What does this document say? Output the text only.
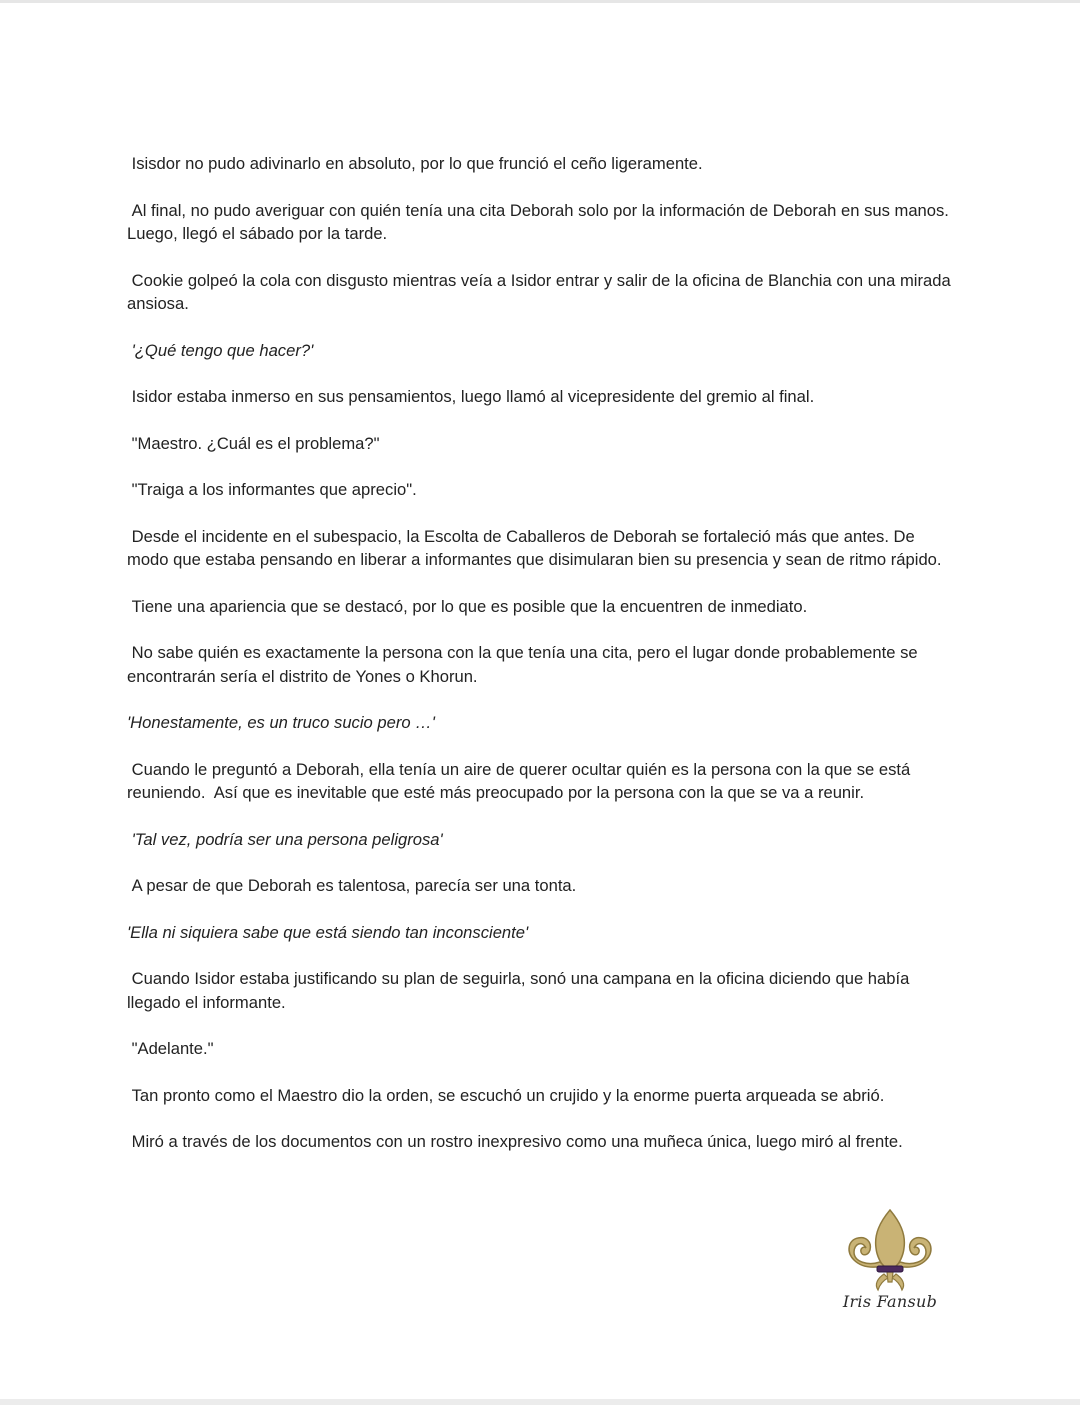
Isisdor no pudo adivinarlo en absoluto, por lo que frunció el ceño ligeramente.

Al final, no pudo averiguar con quién tenía una cita Deborah solo por la información de Deborah en sus manos.  Luego, llegó el sábado por la tarde.

Cookie golpeó la cola con disgusto mientras veía a Isidor entrar y salir de la oficina de Blanchia con una mirada ansiosa.

'¿Qué tengo que hacer?'

Isidor estaba inmerso en sus pensamientos, luego llamó al vicepresidente del gremio al final.

"Maestro. ¿Cuál es el problema?"

"Traiga a los informantes que aprecio".

Desde el incidente en el subespacio, la Escolta de Caballeros de Deborah se fortaleció más que antes. De modo que estaba pensando en liberar a informantes que disimularan bien su presencia y sean de ritmo rápido.

Tiene una apariencia que se destacó, por lo que es posible que la encuentren de inmediato.

No sabe quién es exactamente la persona con la que tenía una cita, pero el lugar donde probablemente se encontrarán sería el distrito de Yones o Khorun.

'Honestamente, es un truco sucio pero …'

Cuando le preguntó a Deborah, ella tenía un aire de querer ocultar quién es la persona con la que se está reuniendo.  Así que es inevitable que esté más preocupado por la persona con la que se va a reunir.

'Tal vez, podría ser una persona peligrosa'

A pesar de que Deborah es talentosa, parecía ser una tonta.

'Ella ni siquiera sabe que está siendo tan inconsciente'

Cuando Isidor estaba justificando su plan de seguirla, sonó una campana en la oficina diciendo que había llegado el informante.

"Adelante."

Tan pronto como el Maestro dio la orden, se escuchó un crujido y la enorme puerta arqueada se abrió.

Miró a través de los documentos con un rostro inexpresivo como una muñeca única, luego miró al frente.

Iris Fansub
